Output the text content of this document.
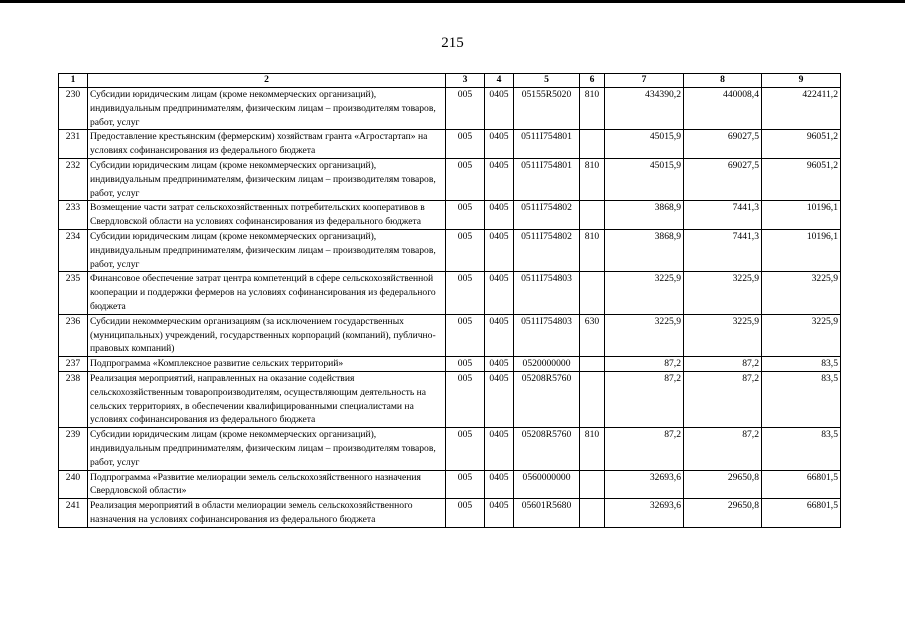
215
1	2	3	4	5	6	7	8	9
230	Субсидии юридическим лицам (кроме некоммерческих организаций), индивидуальным предпринимателям, физическим лицам – производителям товаров, работ, услуг	005	0405	05155R5020	810	434390,2	440008,4	422411,2
231	Предоставление крестьянским (фермерским) хозяйствам гранта «Агростартап» на условиях софинансирования из федерального бюджета	005	0405	0511I754801		45015,9	69027,5	96051,2
232	Субсидии юридическим лицам (кроме некоммерческих организаций), индивидуальным предпринимателям, физическим лицам – производителям товаров, работ, услуг	005	0405	0511I754801	810	45015,9	69027,5	96051,2
233	Возмещение части затрат сельскохозяйственных потребительских кооперативов в Свердловской области на условиях софинансирования из федерального бюджета	005	0405	0511I754802		3868,9	7441,3	10196,1
234	Субсидии юридическим лицам (кроме некоммерческих организаций), индивидуальным предпринимателям, физическим лицам – производителям товаров, работ, услуг	005	0405	0511I754802	810	3868,9	7441,3	10196,1
235	Финансовое обеспечение затрат центра компетенций в сфере сельскохозяйственной кооперации и поддержки фермеров на условиях софинансирования из федерального бюджета	005	0405	0511I754803		3225,9	3225,9	3225,9
236	Субсидии некоммерческим организациям (за исключением государственных (муниципальных) учреждений, государственных корпораций (компаний), публично-правовых компаний)	005	0405	0511I754803	630	3225,9	3225,9	3225,9
237	Подпрограмма «Комплексное развитие сельских территорий»	005	0405	0520000000		87,2	87,2	83,5
238	Реализация мероприятий, направленных на оказание содействия сельскохозяйственным товаропроизводителям, осуществляющим деятельность на сельских территориях, в обеспечении квалифицированными специалистами на условиях софинансирования из федерального бюджета	005	0405	05208R5760		87,2	87,2	83,5
239	Субсидии юридическим лицам (кроме некоммерческих организаций), индивидуальным предпринимателям, физическим лицам – производителям товаров, работ, услуг	005	0405	05208R5760	810	87,2	87,2	83,5
240	Подпрограмма «Развитие мелиорации земель сельскохозяйственного назначения Свердловской области»	005	0405	0560000000		32693,6	29650,8	66801,5
241	Реализация мероприятий в области мелиорации земель сельскохозяйственного назначения на условиях софинансирования из федерального бюджета	005	0405	05601R5680		32693,6	29650,8	66801,5
